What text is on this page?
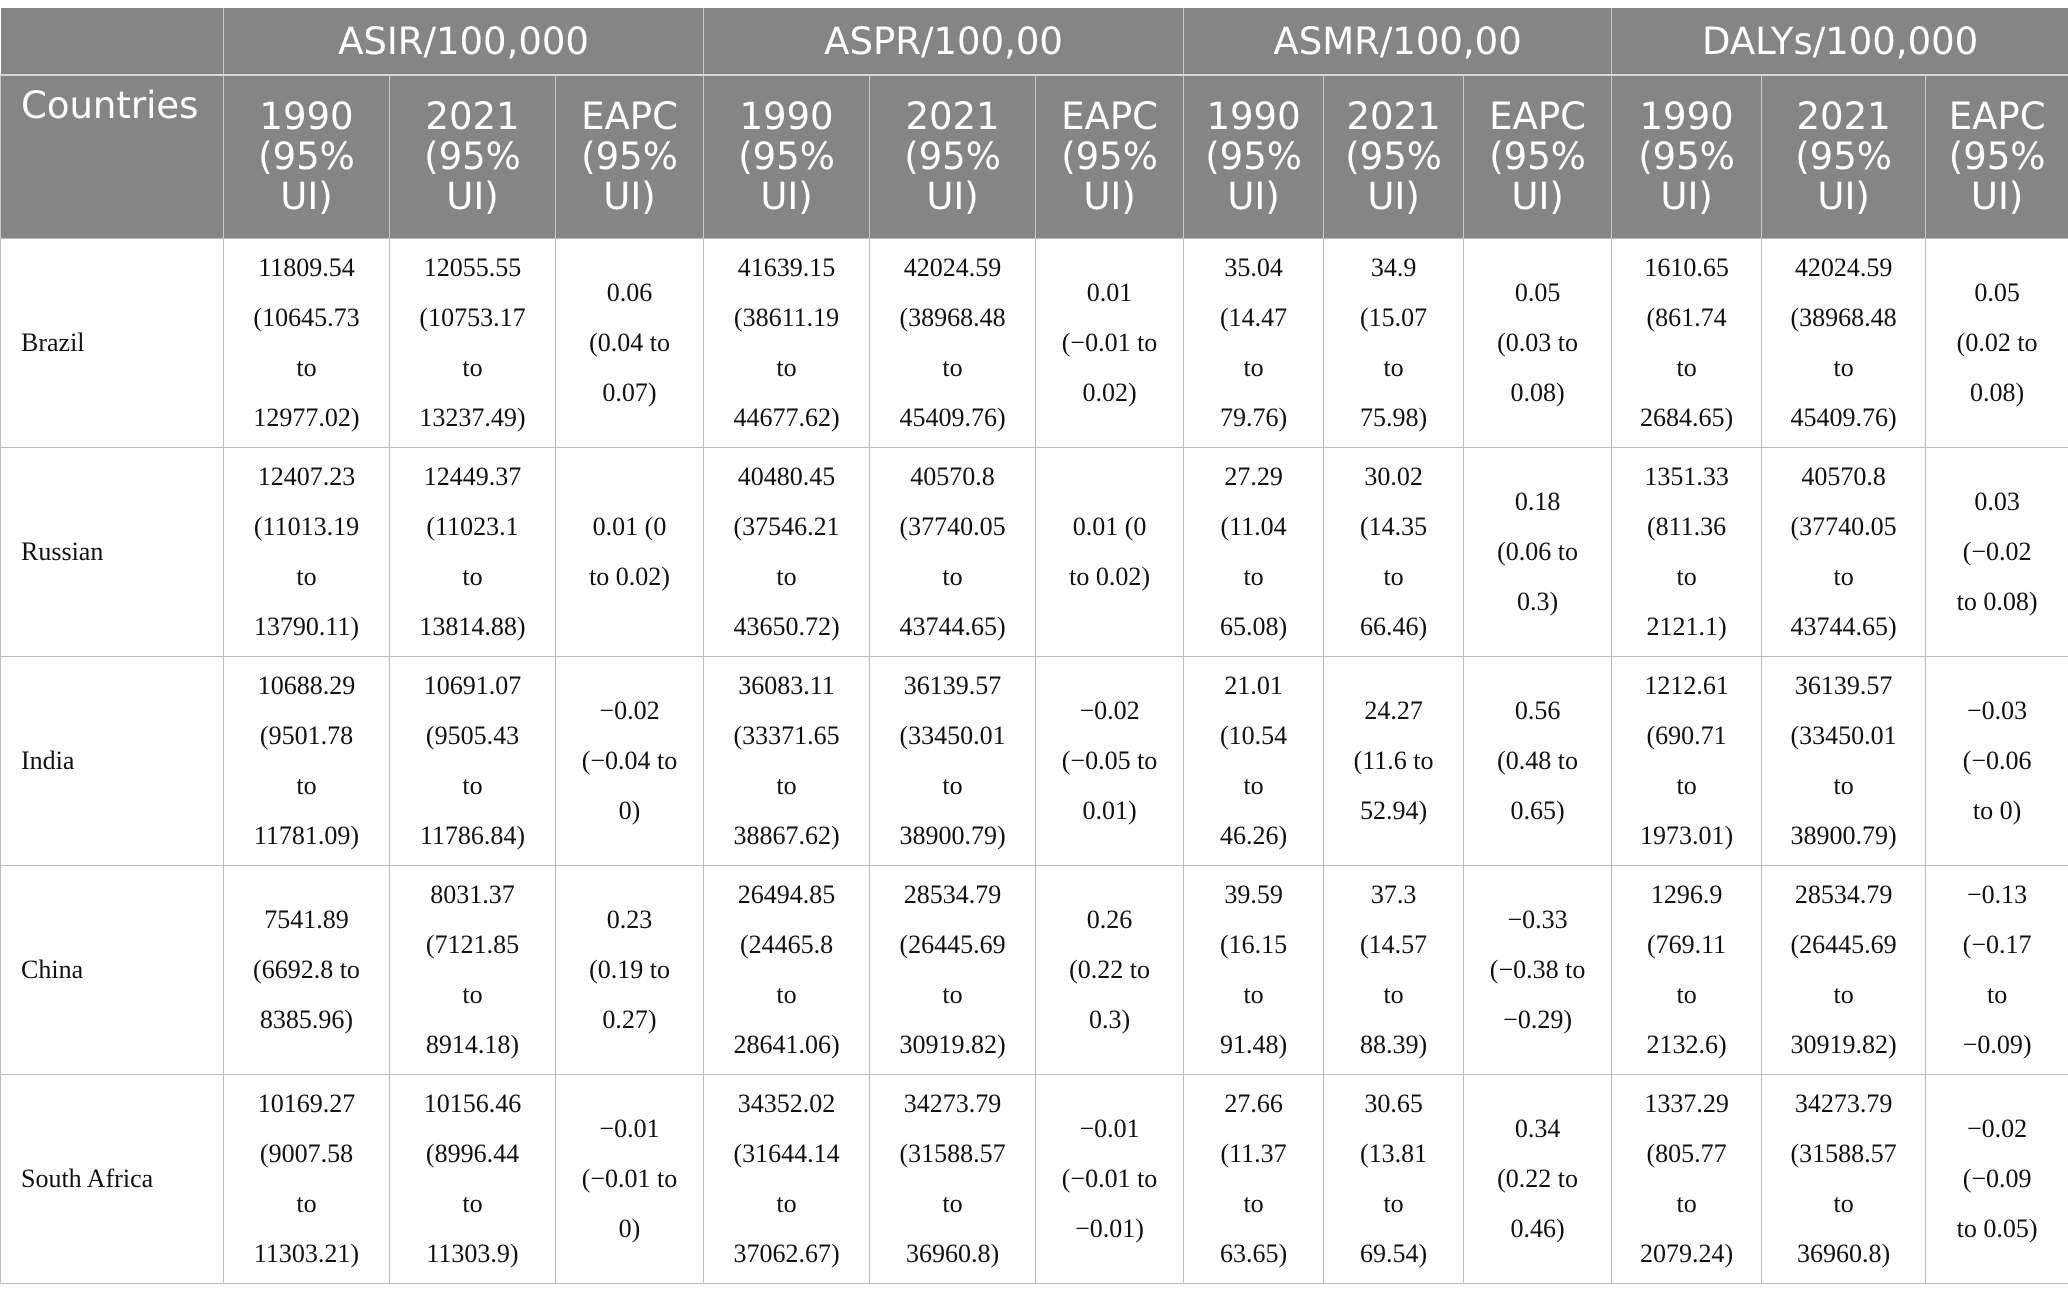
	ASIR/100,000			ASPR/100,00			ASMR/100,00			DALYs/100,000		
Countries	1990
(95%
UI)	2021
(95%
UI)	EAPC
(95%
UI)	1990
(95%
UI)	2021
(95%
UI)	EAPC
(95%
UI)	1990
(95%
UI)	2021
(95%
UI)	EAPC
(95%
UI)	1990
(95%
UI)	2021
(95%
UI)	EAPC
(95%
UI)

Brazil	11809.54
(10645.73
to
12977.02)	12055.55
(10753.17
to
13237.49)	0.06
(0.04 to
0.07)	41639.15
(38611.19
to
44677.62)	42024.59
(38968.48
to
45409.76)	0.01
(−0.01 to
0.02)	35.04
(14.47
to
79.76)	34.9
(15.07
to
75.98)	0.05
(0.03 to
0.08)	1610.65
(861.74
to
2684.65)	42024.59
(38968.48
to
45409.76)	0.05
(0.02 to
0.08)

Russian	12407.23
(11013.19
to
13790.11)	12449.37
(11023.1
to
13814.88)	0.01 (0
to 0.02)	40480.45
(37546.21
to
43650.72)	40570.8
(37740.05
to
43744.65)	0.01 (0
to 0.02)	27.29
(11.04
to
65.08)	30.02
(14.35
to
66.46)	0.18
(0.06 to
0.3)	1351.33
(811.36
to
2121.1)	40570.8
(37740.05
to
43744.65)	0.03
(−0.02
to 0.08)

India	10688.29
(9501.78
to
11781.09)	10691.07
(9505.43
to
11786.84)	−0.02
(−0.04 to
0)	36083.11
(33371.65
to
38867.62)	36139.57
(33450.01
to
38900.79)	−0.02
(−0.05 to
0.01)	21.01
(10.54
to
46.26)	24.27
(11.6 to
52.94)	0.56
(0.48 to
0.65)	1212.61
(690.71
to
1973.01)	36139.57
(33450.01
to
38900.79)	−0.03
(−0.06
to 0)

China	7541.89
(6692.8 to
8385.96)	8031.37
(7121.85
to
8914.18)	0.23
(0.19 to
0.27)	26494.85
(24465.8
to
28641.06)	28534.79
(26445.69
to
30919.82)	0.26
(0.22 to
0.3)	39.59
(16.15
to
91.48)	37.3
(14.57
to
88.39)	−0.33
(−0.38 to
−0.29)	1296.9
(769.11
to
2132.6)	28534.79
(26445.69
to
30919.82)	−0.13
(−0.17
to
−0.09)

South Africa	10169.27
(9007.58
to
11303.21)	10156.46
(8996.44
to
11303.9)	−0.01
(−0.01 to
0)	34352.02
(31644.14
to
37062.67)	34273.79
(31588.57
to
36960.8)	−0.01
(−0.01 to
−0.01)	27.66
(11.37
to
63.65)	30.65
(13.81
to
69.54)	0.34
(0.22 to
0.46)	1337.29
(805.77
to
2079.24)	34273.79
(31588.57
to
36960.8)	−0.02
(−0.09
to 0.05)
